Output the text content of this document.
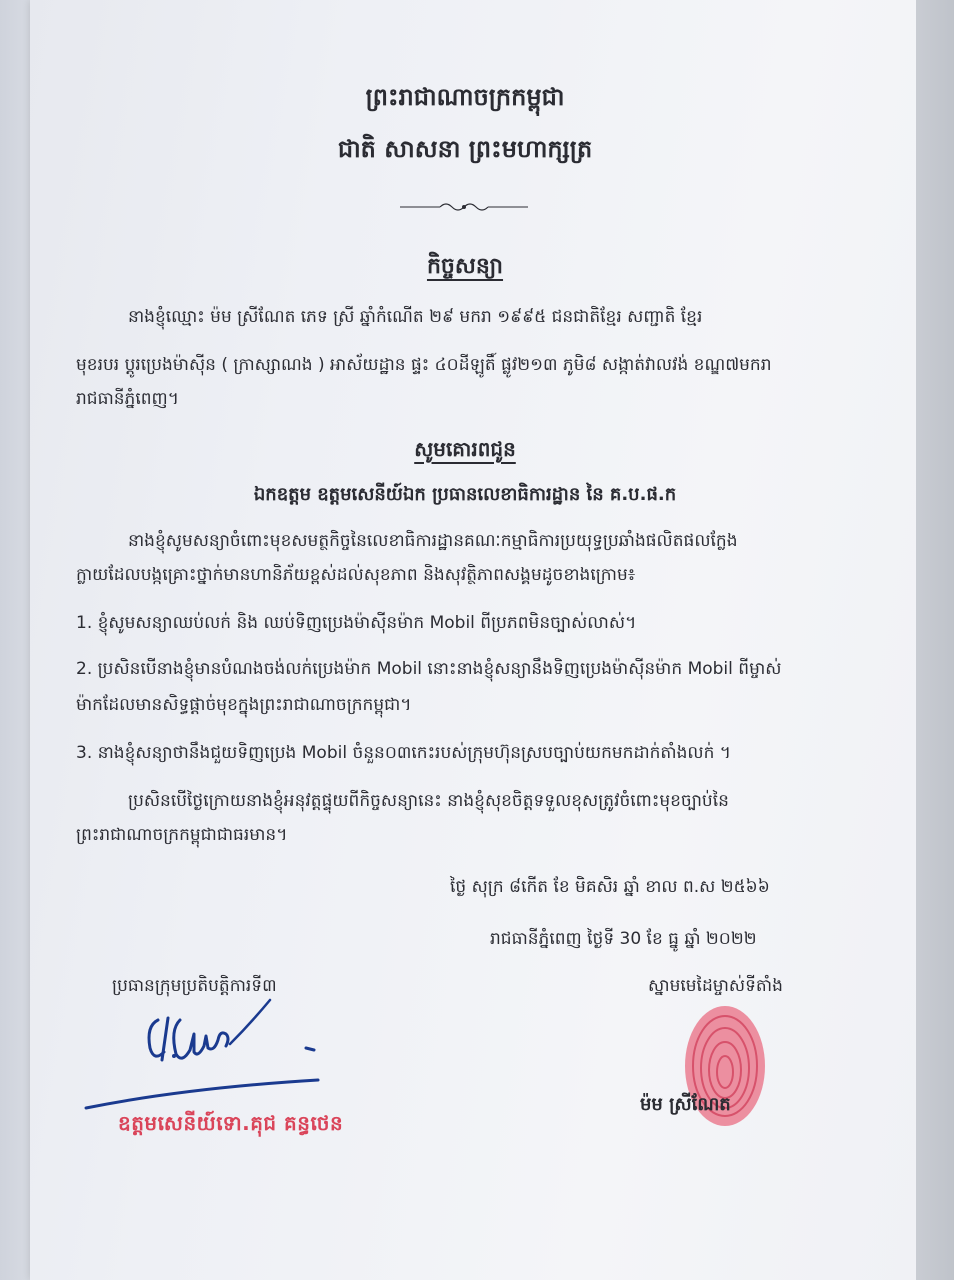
ព្រះរាជាណាចក្រកម្ពុជា
ជាតិ សាសនា ព្រះមហាក្សត្រ
កិច្ចសន្យា
នាងខ្ញុំឈ្មោះ ម៉ម ស្រីណែត ភេទ ស្រី ឆ្នាំកំណើត ២៩ មករា ១៩៩៥ ជនជាតិខ្មែរ សញ្ជាតិ ខ្មែរ
មុខរបរ ប្តូរប្រេងម៉ាស៊ីន ( ក្រាស្សាណង ) អាស័យដ្ឋាន ផ្ទះ ៤០ដីឡូតិ៍ ផ្លូវ២១៣ ភូមិ៨ សង្កាត់វាលវង់ ខណ្ឌ៧មករា
រាជធានីភ្នំពេញ។
សូមគោរពជូន
ឯកឧត្តម ឧត្តមសេនីយ៍ឯក ប្រធានលេខាធិការដ្ឋាន នៃ គ.ប.ផ.ក
នាងខ្ញុំសូមសន្យាចំពោះមុខសមត្ថកិច្ចនៃលេខាធិការដ្ឋានគណៈកម្មាធិការប្រយុទ្ធប្រឆាំងផលិតផលក្លែង
ក្លាយដែលបង្កគ្រោះថ្នាក់មានហានិភ័យខ្ពស់ដល់សុខភាព និងសុវត្ថិភាពសង្គមដូចខាងក្រោម៖
1. ខ្ញុំសូមសន្យាឈប់លក់ និង ឈប់ទិញប្រេងម៉ាស៊ីនម៉ាក Mobil ពីប្រភពមិនច្បាស់លាស់។
2. ប្រសិនបើនាងខ្ញុំមានបំណងចង់លក់ប្រេងម៉ាក Mobil នោះនាងខ្ញុំសន្យានឹងទិញប្រេងម៉ាស៊ីនម៉ាក Mobil ពីម្ចាស់
ម៉ាកដែលមានសិទ្ធផ្តាច់មុខក្នុងព្រះរាជាណាចក្រកម្ពុជា។
3. នាងខ្ញុំសន្យាថានឹងជួយទិញប្រេង Mobil ចំនួន០៣កេះរបស់ក្រុមហ៊ុនស្របច្បាប់យកមកដាក់តាំងលក់ ។
ប្រសិនបើថ្ងៃក្រោយនាងខ្ញុំអនុវត្តផ្ទុយពីកិច្ចសន្យានេះ នាងខ្ញុំសុខចិត្តទទួលខុសត្រូវចំពោះមុខច្បាប់នៃ
ព្រះរាជាណាចក្រកម្ពុជាជាធរមាន។
ថ្ងៃ សុក្រ ៨កើត ខែ មិគសិរ ឆ្នាំ ខាល ព.ស ២៥៦៦
រាជធានីភ្នំពេញ ថ្ងៃទី 30 ខែ ធ្នូ ឆ្នាំ ២០២២
ប្រធានក្រុមប្រតិបត្តិការទី៣
ឧត្តមសេនីយ៍ទោ.គុជ គន្ធថេន
ស្នាមមេដៃម្ចាស់ទីតាំង
ម៉ម ស្រីណែត
